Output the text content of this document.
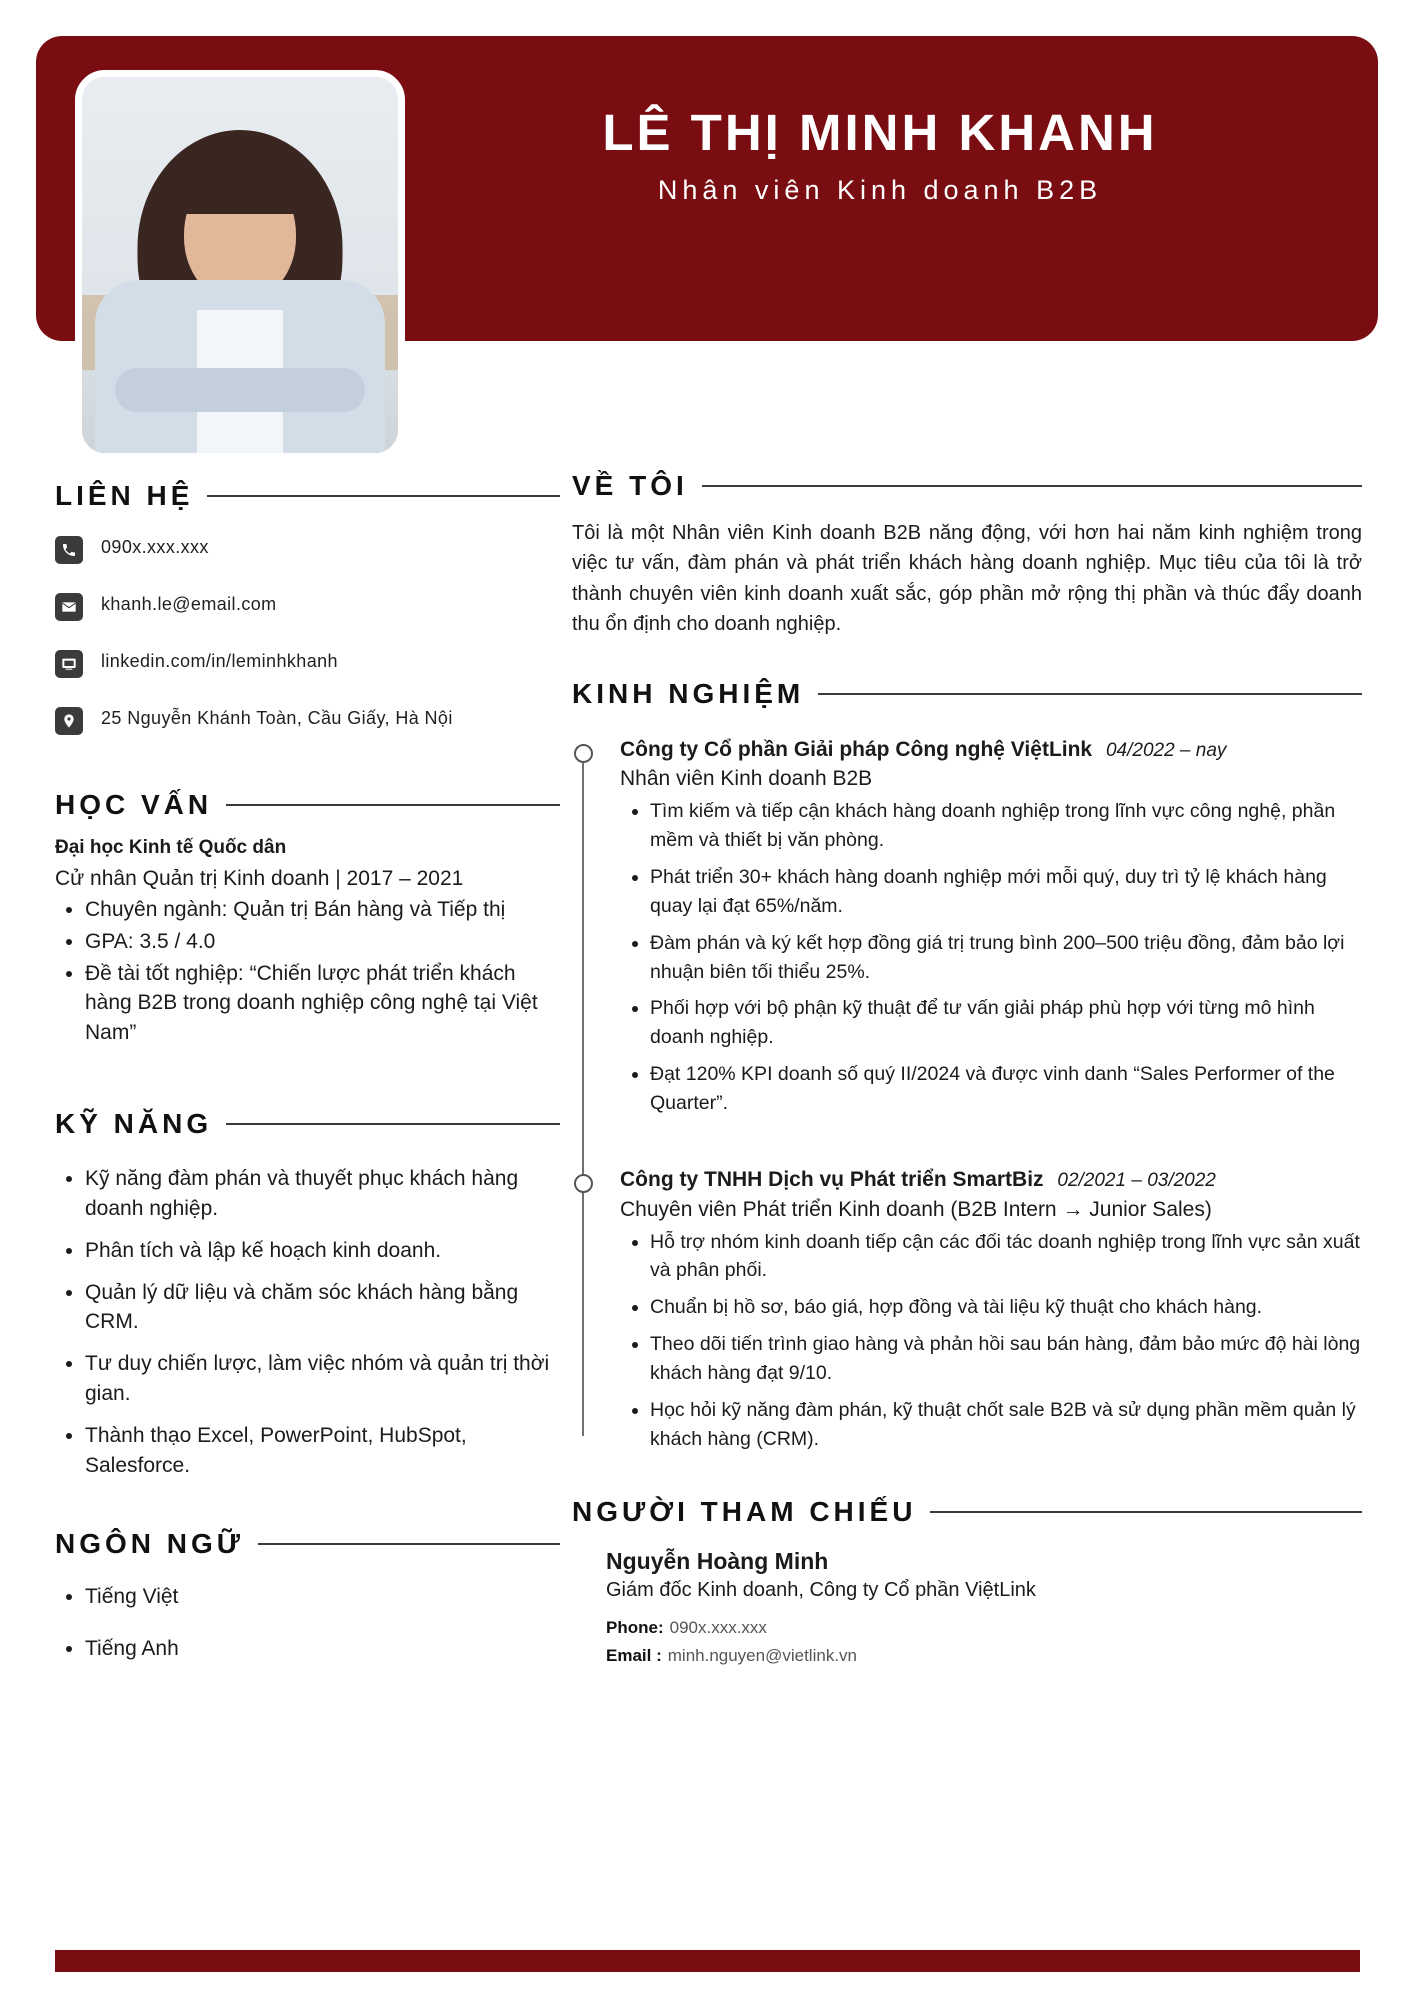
LÊ THỊ MINH KHANH
Nhân viên Kinh doanh B2B
LIÊN HỆ
090x.xxx.xxx
khanh.le@email.com
linkedin.com/in/leminhkhanh
25 Nguyễn Khánh Toàn, Cầu Giấy, Hà Nội
HỌC VẤN
Đại học Kinh tế Quốc dân
Cử nhân Quản trị Kinh doanh | 2017 – 2021
• Chuyên ngành: Quản trị Bán hàng và Tiếp thị
• GPA: 3.5 / 4.0
• Đề tài tốt nghiệp: “Chiến lược phát triển khách hàng B2B trong doanh nghiệp công nghệ tại Việt Nam”
KỸ NĂNG
• Kỹ năng đàm phán và thuyết phục khách hàng doanh nghiệp.
• Phân tích và lập kế hoạch kinh doanh.
• Quản lý dữ liệu và chăm sóc khách hàng bằng CRM.
• Tư duy chiến lược, làm việc nhóm và quản trị thời gian.
• Thành thạo Excel, PowerPoint, HubSpot, Salesforce.
NGÔN NGỮ
• Tiếng Việt
• Tiếng Anh
VỀ TÔI
Tôi là một Nhân viên Kinh doanh B2B năng động, với hơn hai năm kinh nghiệm trong việc tư vấn, đàm phán và phát triển khách hàng doanh nghiệp. Mục tiêu của tôi là trở thành chuyên viên kinh doanh xuất sắc, góp phần mở rộng thị phần và thúc đẩy doanh thu ổn định cho doanh nghiệp.
KINH NGHIỆM
Công ty Cổ phần Giải pháp Công nghệ ViệtLink 04/2022 – nay
Nhân viên Kinh doanh B2B
• Tìm kiếm và tiếp cận khách hàng doanh nghiệp trong lĩnh vực công nghệ, phần mềm và thiết bị văn phòng.
• Phát triển 30+ khách hàng doanh nghiệp mới mỗi quý, duy trì tỷ lệ khách hàng quay lại đạt 65%/năm.
• Đàm phán và ký kết hợp đồng giá trị trung bình 200–500 triệu đồng, đảm bảo lợi nhuận biên tối thiểu 25%.
• Phối hợp với bộ phận kỹ thuật để tư vấn giải pháp phù hợp với từng mô hình doanh nghiệp.
• Đạt 120% KPI doanh số quý II/2024 và được vinh danh “Sales Performer of the Quarter”.
Công ty TNHH Dịch vụ Phát triển SmartBiz 02/2021 – 03/2022
Chuyên viên Phát triển Kinh doanh (B2B Intern → Junior Sales)
• Hỗ trợ nhóm kinh doanh tiếp cận các đối tác doanh nghiệp trong lĩnh vực sản xuất và phân phối.
• Chuẩn bị hồ sơ, báo giá, hợp đồng và tài liệu kỹ thuật cho khách hàng.
• Theo dõi tiến trình giao hàng và phản hồi sau bán hàng, đảm bảo mức độ hài lòng khách hàng đạt 9/10.
• Học hỏi kỹ năng đàm phán, kỹ thuật chốt sale B2B và sử dụng phần mềm quản lý khách hàng (CRM).
NGƯỜI THAM CHIẾU
Nguyễn Hoàng Minh
Giám đốc Kinh doanh, Công ty Cổ phần ViệtLink
Phone: 090x.xxx.xxx
Email : minh.nguyen@vietlink.vn
